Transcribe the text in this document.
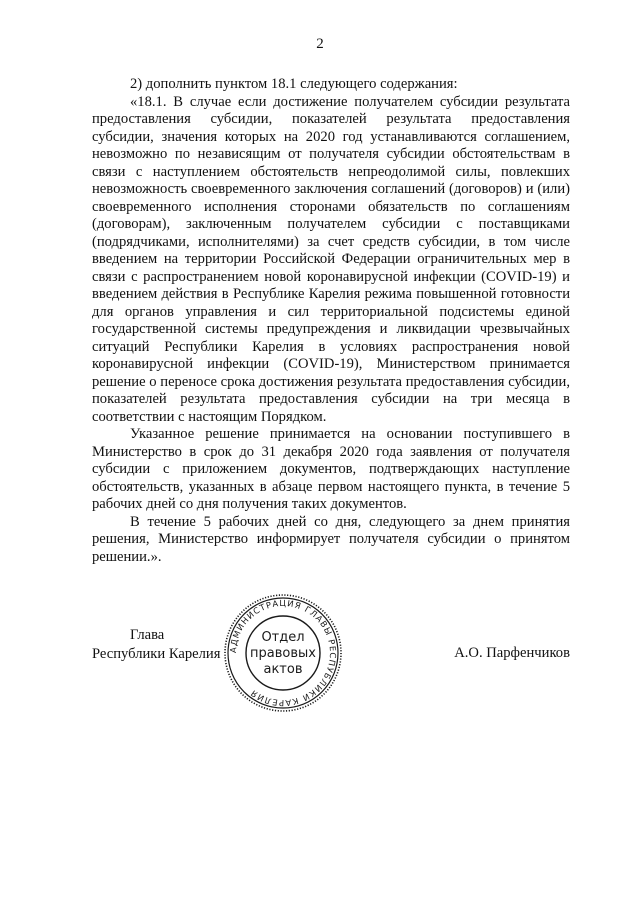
2

2) дополнить пунктом 18.1 следующего содержания:

«18.1. В случае если достижение получателем субсидии результата предоставления субсидии, показателей результата предоставления субсидии, значения которых на 2020 год устанавливаются соглашением, невозможно по независящим от получателя субсидии обстоятельствам в связи с наступлением обстоятельств непреодолимой силы, повлекших невозможность своевременного заключения соглашений (договоров) и (или) своевременного исполнения сторонами обязательств по соглашениям (договорам), заключенным получателем субсидии с поставщиками (подрядчиками, исполнителями) за счет средств субсидии, в том числе введением на территории Российской Федерации ограничительных мер в связи с распространением новой коронавирусной инфекции (COVID-19) и введением действия в Республике Карелия режима повышенной готовности для органов управления и сил территориальной подсистемы единой государственной системы предупреждения и ликвидации чрезвычайных ситуаций Республики Карелия в условиях распространения новой коронавирусной инфекции (COVID-19), Министерством принимается решение о переносе срока достижения результата предоставления субсидии, показателей результата предоставления субсидии на три месяца в соответствии с настоящим Порядком.

Указанное решение принимается на основании поступившего в Министерство в срок до 31 декабря 2020 года заявления от получателя субсидии с приложением документов, подтверждающих наступление обстоятельств, указанных в абзаце первом настоящего пункта, в течение 5 рабочих дней со дня получения таких документов.

В течение 5 рабочих дней со дня, следующего за днем принятия решения, Министерство информирует получателя субсидии о принятом решении.».

Глава
Республики Карелия	А.О. Парфенчиков
АДМИНИСТРАЦИЯ ГЛАВЫ РЕСПУБЛИКИ КАРЕЛИЯ
Отдел
правовых
актов
